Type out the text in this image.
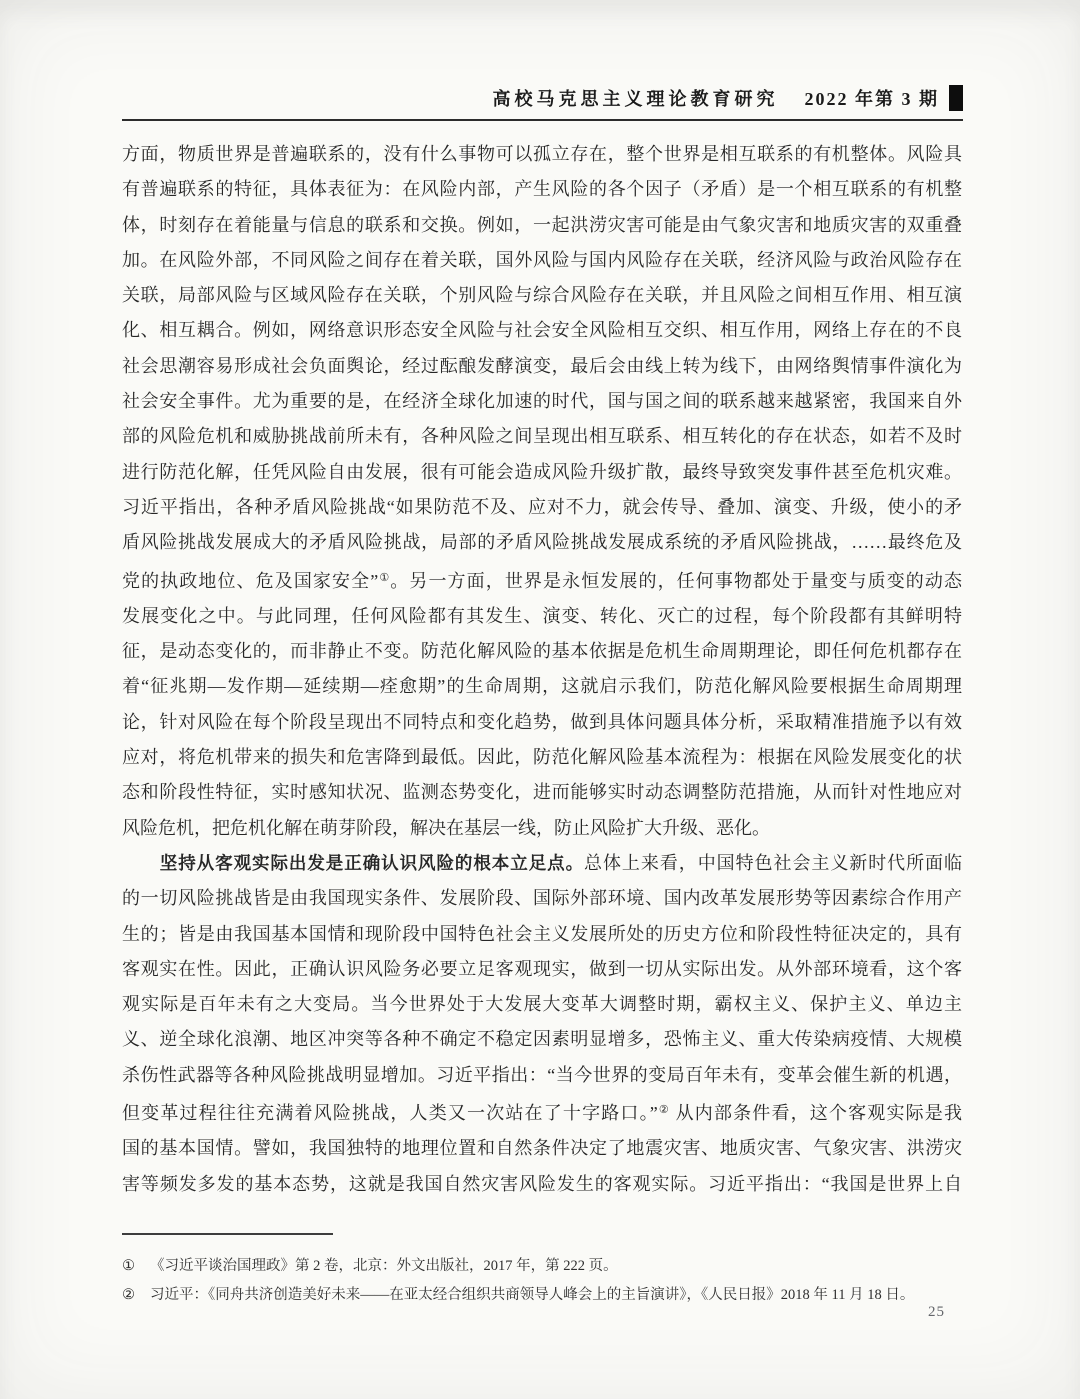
高校马克思主义理论教育研究 2022 年第 3 期
方面，物质世界是普遍联系的，没有什么事物可以孤立存在，整个世界是相互联系的有机整体。风险具
有普遍联系的特征，具体表征为：在风险内部，产生风险的各个因子（矛盾）是一个相互联系的有机整
体，时刻存在着能量与信息的联系和交换。例如，一起洪涝灾害可能是由气象灾害和地质灾害的双重叠
加。在风险外部，不同风险之间存在着关联，国外风险与国内风险存在关联，经济风险与政治风险存在
关联，局部风险与区域风险存在关联，个别风险与综合风险存在关联，并且风险之间相互作用、相互演
化、相互耦合。例如，网络意识形态安全风险与社会安全风险相互交织、相互作用，网络上存在的不良
社会思潮容易形成社会负面舆论，经过酝酿发酵演变，最后会由线上转为线下，由网络舆情事件演化为
社会安全事件。尤为重要的是，在经济全球化加速的时代，国与国之间的联系越来越紧密，我国来自外
部的风险危机和威胁挑战前所未有，各种风险之间呈现出相互联系、相互转化的存在状态，如若不及时
进行防范化解，任凭风险自由发展，很有可能会造成风险升级扩散，最终导致突发事件甚至危机灾难。
习近平指出，各种矛盾风险挑战“如果防范不及、应对不力，就会传导、叠加、演变、升级，使小的矛
盾风险挑战发展成大的矛盾风险挑战，局部的矛盾风险挑战发展成系统的矛盾风险挑战，……最终危及
党的执政地位、危及国家安全”①。另一方面，世界是永恒发展的，任何事物都处于量变与质变的动态
发展变化之中。与此同理，任何风险都有其发生、演变、转化、灭亡的过程，每个阶段都有其鲜明特
征，是动态变化的，而非静止不变。防范化解风险的基本依据是危机生命周期理论，即任何危机都存在
着“征兆期—发作期—延续期—痊愈期”的生命周期，这就启示我们，防范化解风险要根据生命周期理
论，针对风险在每个阶段呈现出不同特点和变化趋势，做到具体问题具体分析，采取精准措施予以有效
应对，将危机带来的损失和危害降到最低。因此，防范化解风险基本流程为：根据在风险发展变化的状
态和阶段性特征，实时感知状况、监测态势变化，进而能够实时动态调整防范措施，从而针对性地应对
风险危机，把危机化解在萌芽阶段，解决在基层一线，防止风险扩大升级、恶化。
坚持从客观实际出发是正确认识风险的根本立足点。总体上来看，中国特色社会主义新时代所面临
的一切风险挑战皆是由我国现实条件、发展阶段、国际外部环境、国内改革发展形势等因素综合作用产
生的；皆是由我国基本国情和现阶段中国特色社会主义发展所处的历史方位和阶段性特征决定的，具有
客观实在性。因此，正确认识风险务必要立足客观现实，做到一切从实际出发。从外部环境看，这个客
观实际是百年未有之大变局。当今世界处于大发展大变革大调整时期，霸权主义、保护主义、单边主
义、逆全球化浪潮、地区冲突等各种不确定不稳定因素明显增多，恐怖主义、重大传染病疫情、大规模
杀伤性武器等各种风险挑战明显增加。习近平指出：“当今世界的变局百年未有，变革会催生新的机遇，
但变革过程往往充满着风险挑战，人类又一次站在了十字路口。”② 从内部条件看，这个客观实际是我
国的基本国情。譬如，我国独特的地理位置和自然条件决定了地震灾害、地质灾害、气象灾害、洪涝灾
害等频发多发的基本态势，这就是我国自然灾害风险发生的客观实际。习近平指出：“我国是世界上自
① 《习近平谈治国理政》第 2 卷，北京：外文出版社，2017 年，第 222 页。
② 习近平：《同舟共济创造美好未来——在亚太经合组织共商领导人峰会上的主旨演讲》，《人民日报》2018 年 11 月 18 日。
25
